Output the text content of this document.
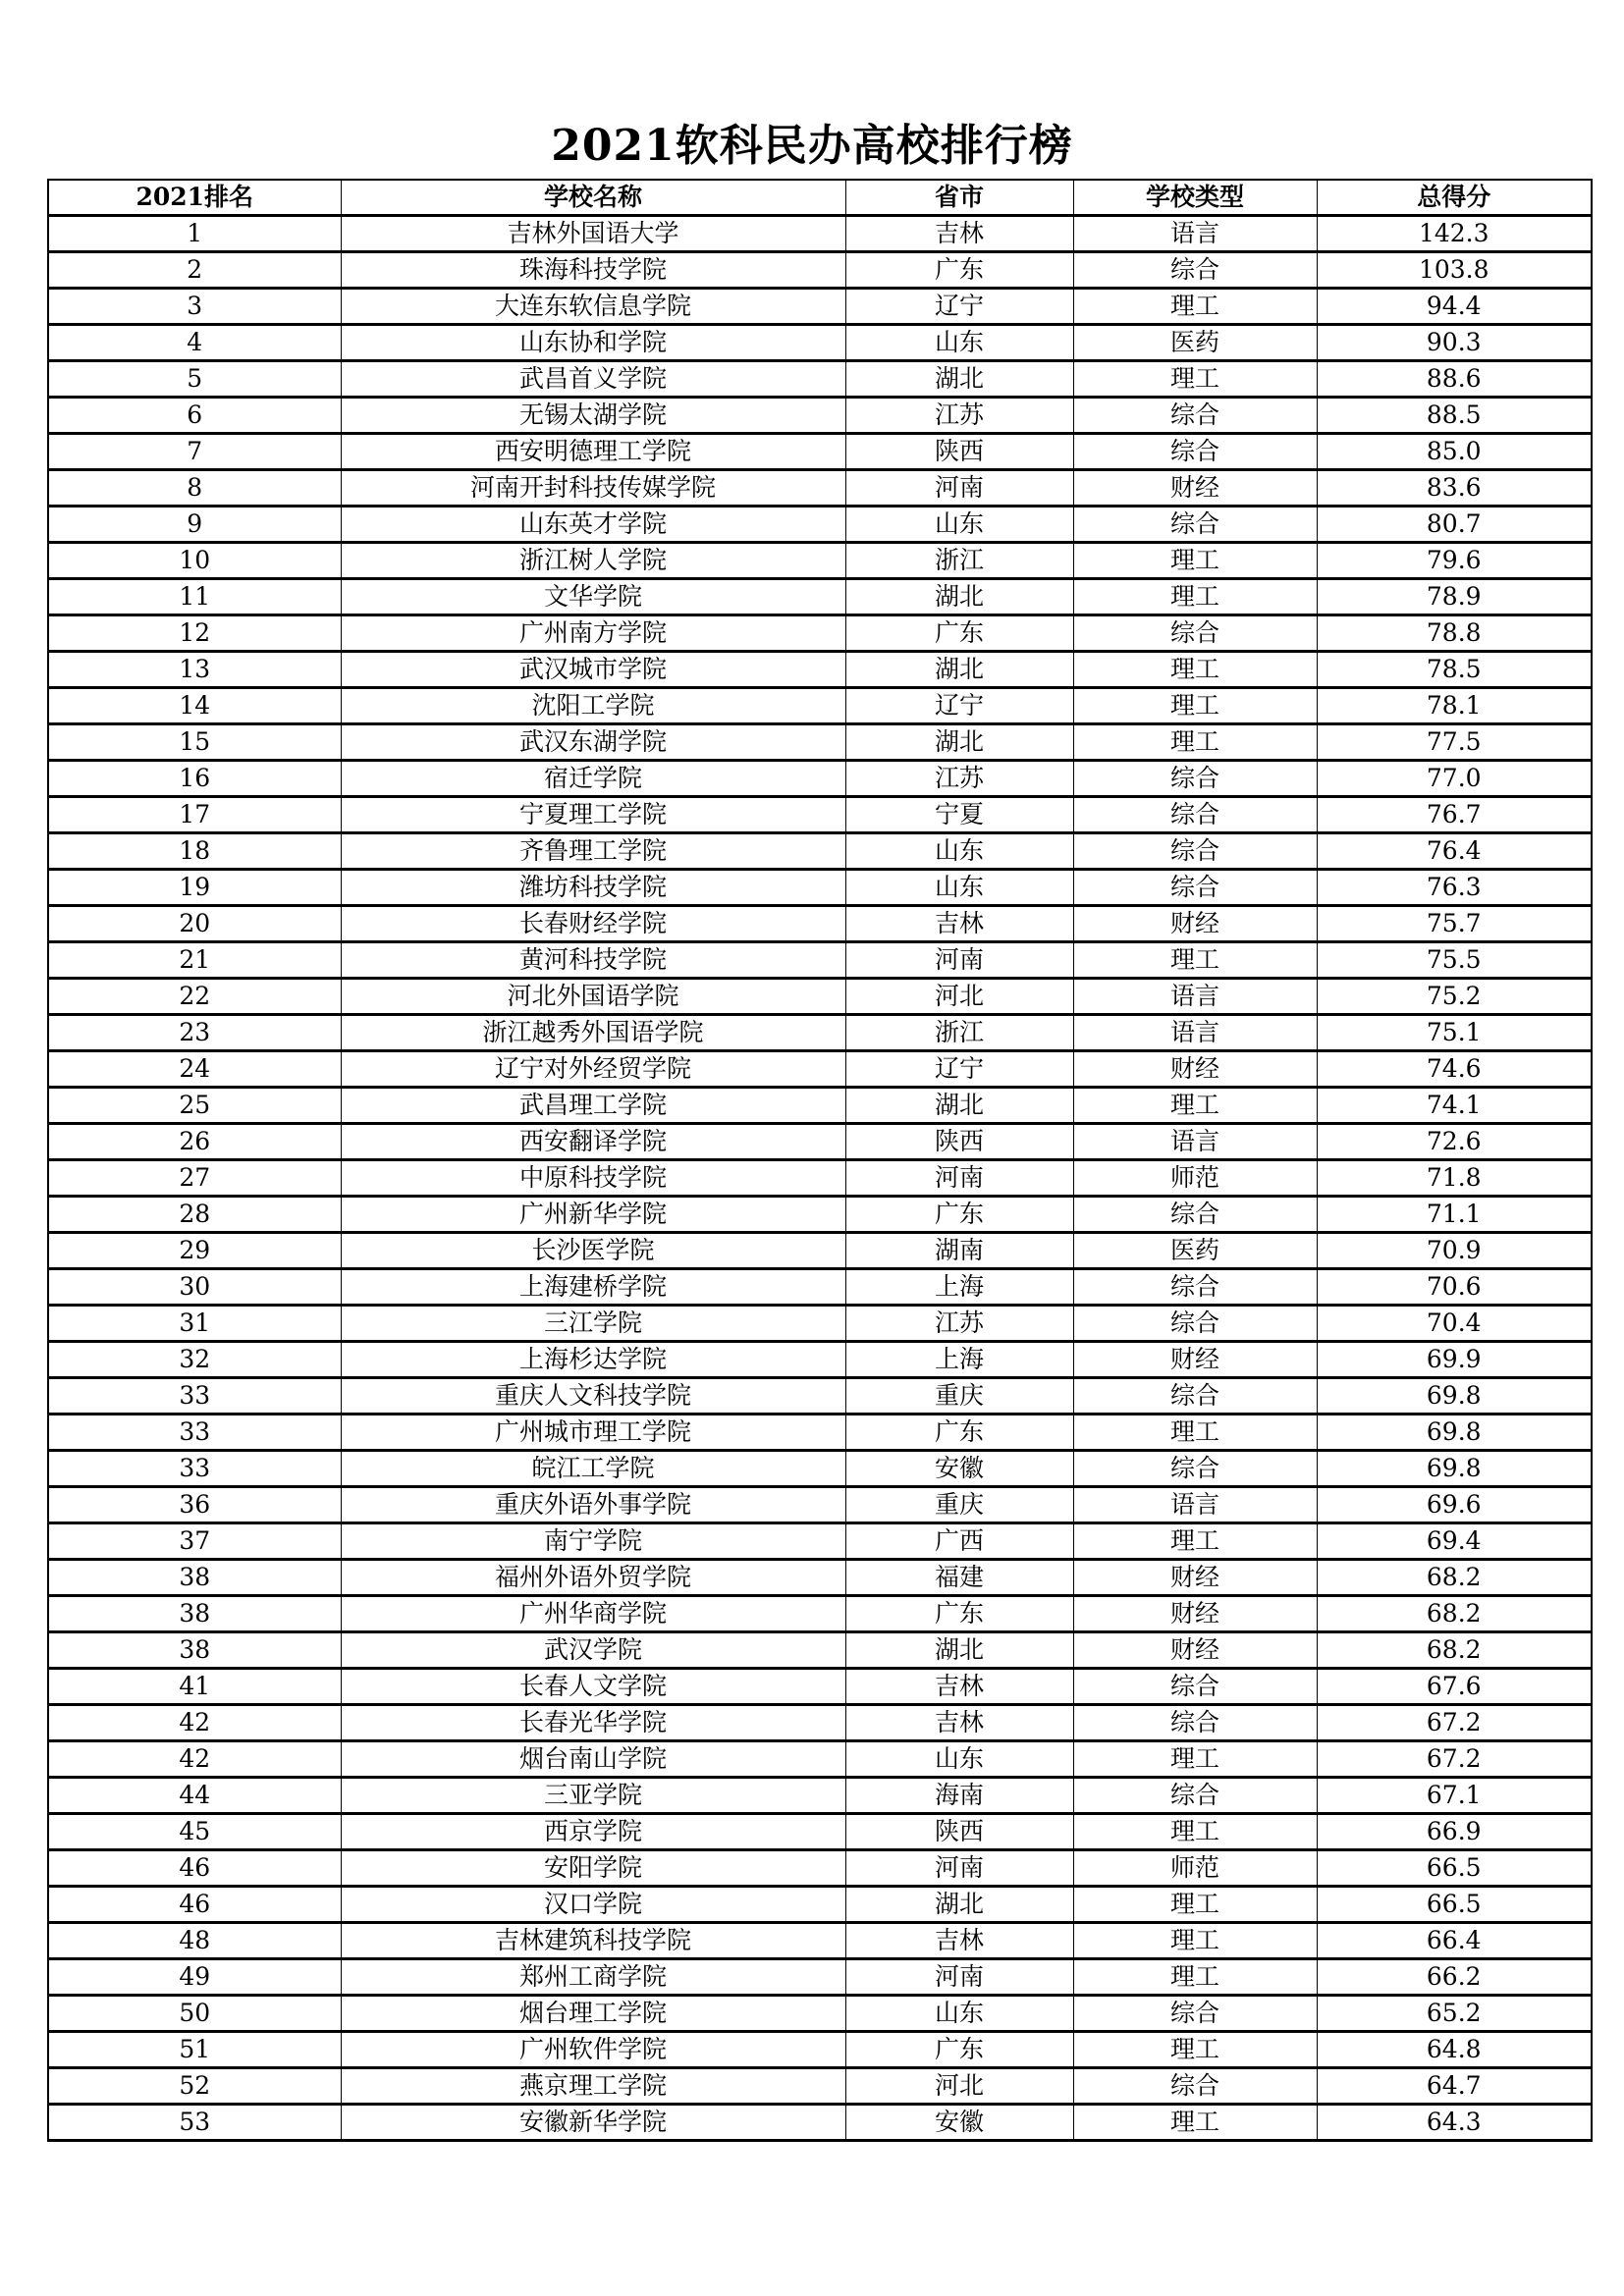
2021软科民办高校排行榜
2021排名	学校名称	省市	学校类型	总得分
1	吉林外国语大学	吉林	语言	142.3
2	珠海科技学院	广东	综合	103.8
3	大连东软信息学院	辽宁	理工	94.4
4	山东协和学院	山东	医药	90.3
5	武昌首义学院	湖北	理工	88.6
6	无锡太湖学院	江苏	综合	88.5
7	西安明德理工学院	陕西	综合	85.0
8	河南开封科技传媒学院	河南	财经	83.6
9	山东英才学院	山东	综合	80.7
10	浙江树人学院	浙江	理工	79.6
11	文华学院	湖北	理工	78.9
12	广州南方学院	广东	综合	78.8
13	武汉城市学院	湖北	理工	78.5
14	沈阳工学院	辽宁	理工	78.1
15	武汉东湖学院	湖北	理工	77.5
16	宿迁学院	江苏	综合	77.0
17	宁夏理工学院	宁夏	综合	76.7
18	齐鲁理工学院	山东	综合	76.4
19	潍坊科技学院	山东	综合	76.3
20	长春财经学院	吉林	财经	75.7
21	黄河科技学院	河南	理工	75.5
22	河北外国语学院	河北	语言	75.2
23	浙江越秀外国语学院	浙江	语言	75.1
24	辽宁对外经贸学院	辽宁	财经	74.6
25	武昌理工学院	湖北	理工	74.1
26	西安翻译学院	陕西	语言	72.6
27	中原科技学院	河南	师范	71.8
28	广州新华学院	广东	综合	71.1
29	长沙医学院	湖南	医药	70.9
30	上海建桥学院	上海	综合	70.6
31	三江学院	江苏	综合	70.4
32	上海杉达学院	上海	财经	69.9
33	重庆人文科技学院	重庆	综合	69.8
33	广州城市理工学院	广东	理工	69.8
33	皖江工学院	安徽	综合	69.8
36	重庆外语外事学院	重庆	语言	69.6
37	南宁学院	广西	理工	69.4
38	福州外语外贸学院	福建	财经	68.2
38	广州华商学院	广东	财经	68.2
38	武汉学院	湖北	财经	68.2
41	长春人文学院	吉林	综合	67.6
42	长春光华学院	吉林	综合	67.2
42	烟台南山学院	山东	理工	67.2
44	三亚学院	海南	综合	67.1
45	西京学院	陕西	理工	66.9
46	安阳学院	河南	师范	66.5
46	汉口学院	湖北	理工	66.5
48	吉林建筑科技学院	吉林	理工	66.4
49	郑州工商学院	河南	理工	66.2
50	烟台理工学院	山东	综合	65.2
51	广州软件学院	广东	理工	64.8
52	燕京理工学院	河北	综合	64.7
53	安徽新华学院	安徽	理工	64.3
